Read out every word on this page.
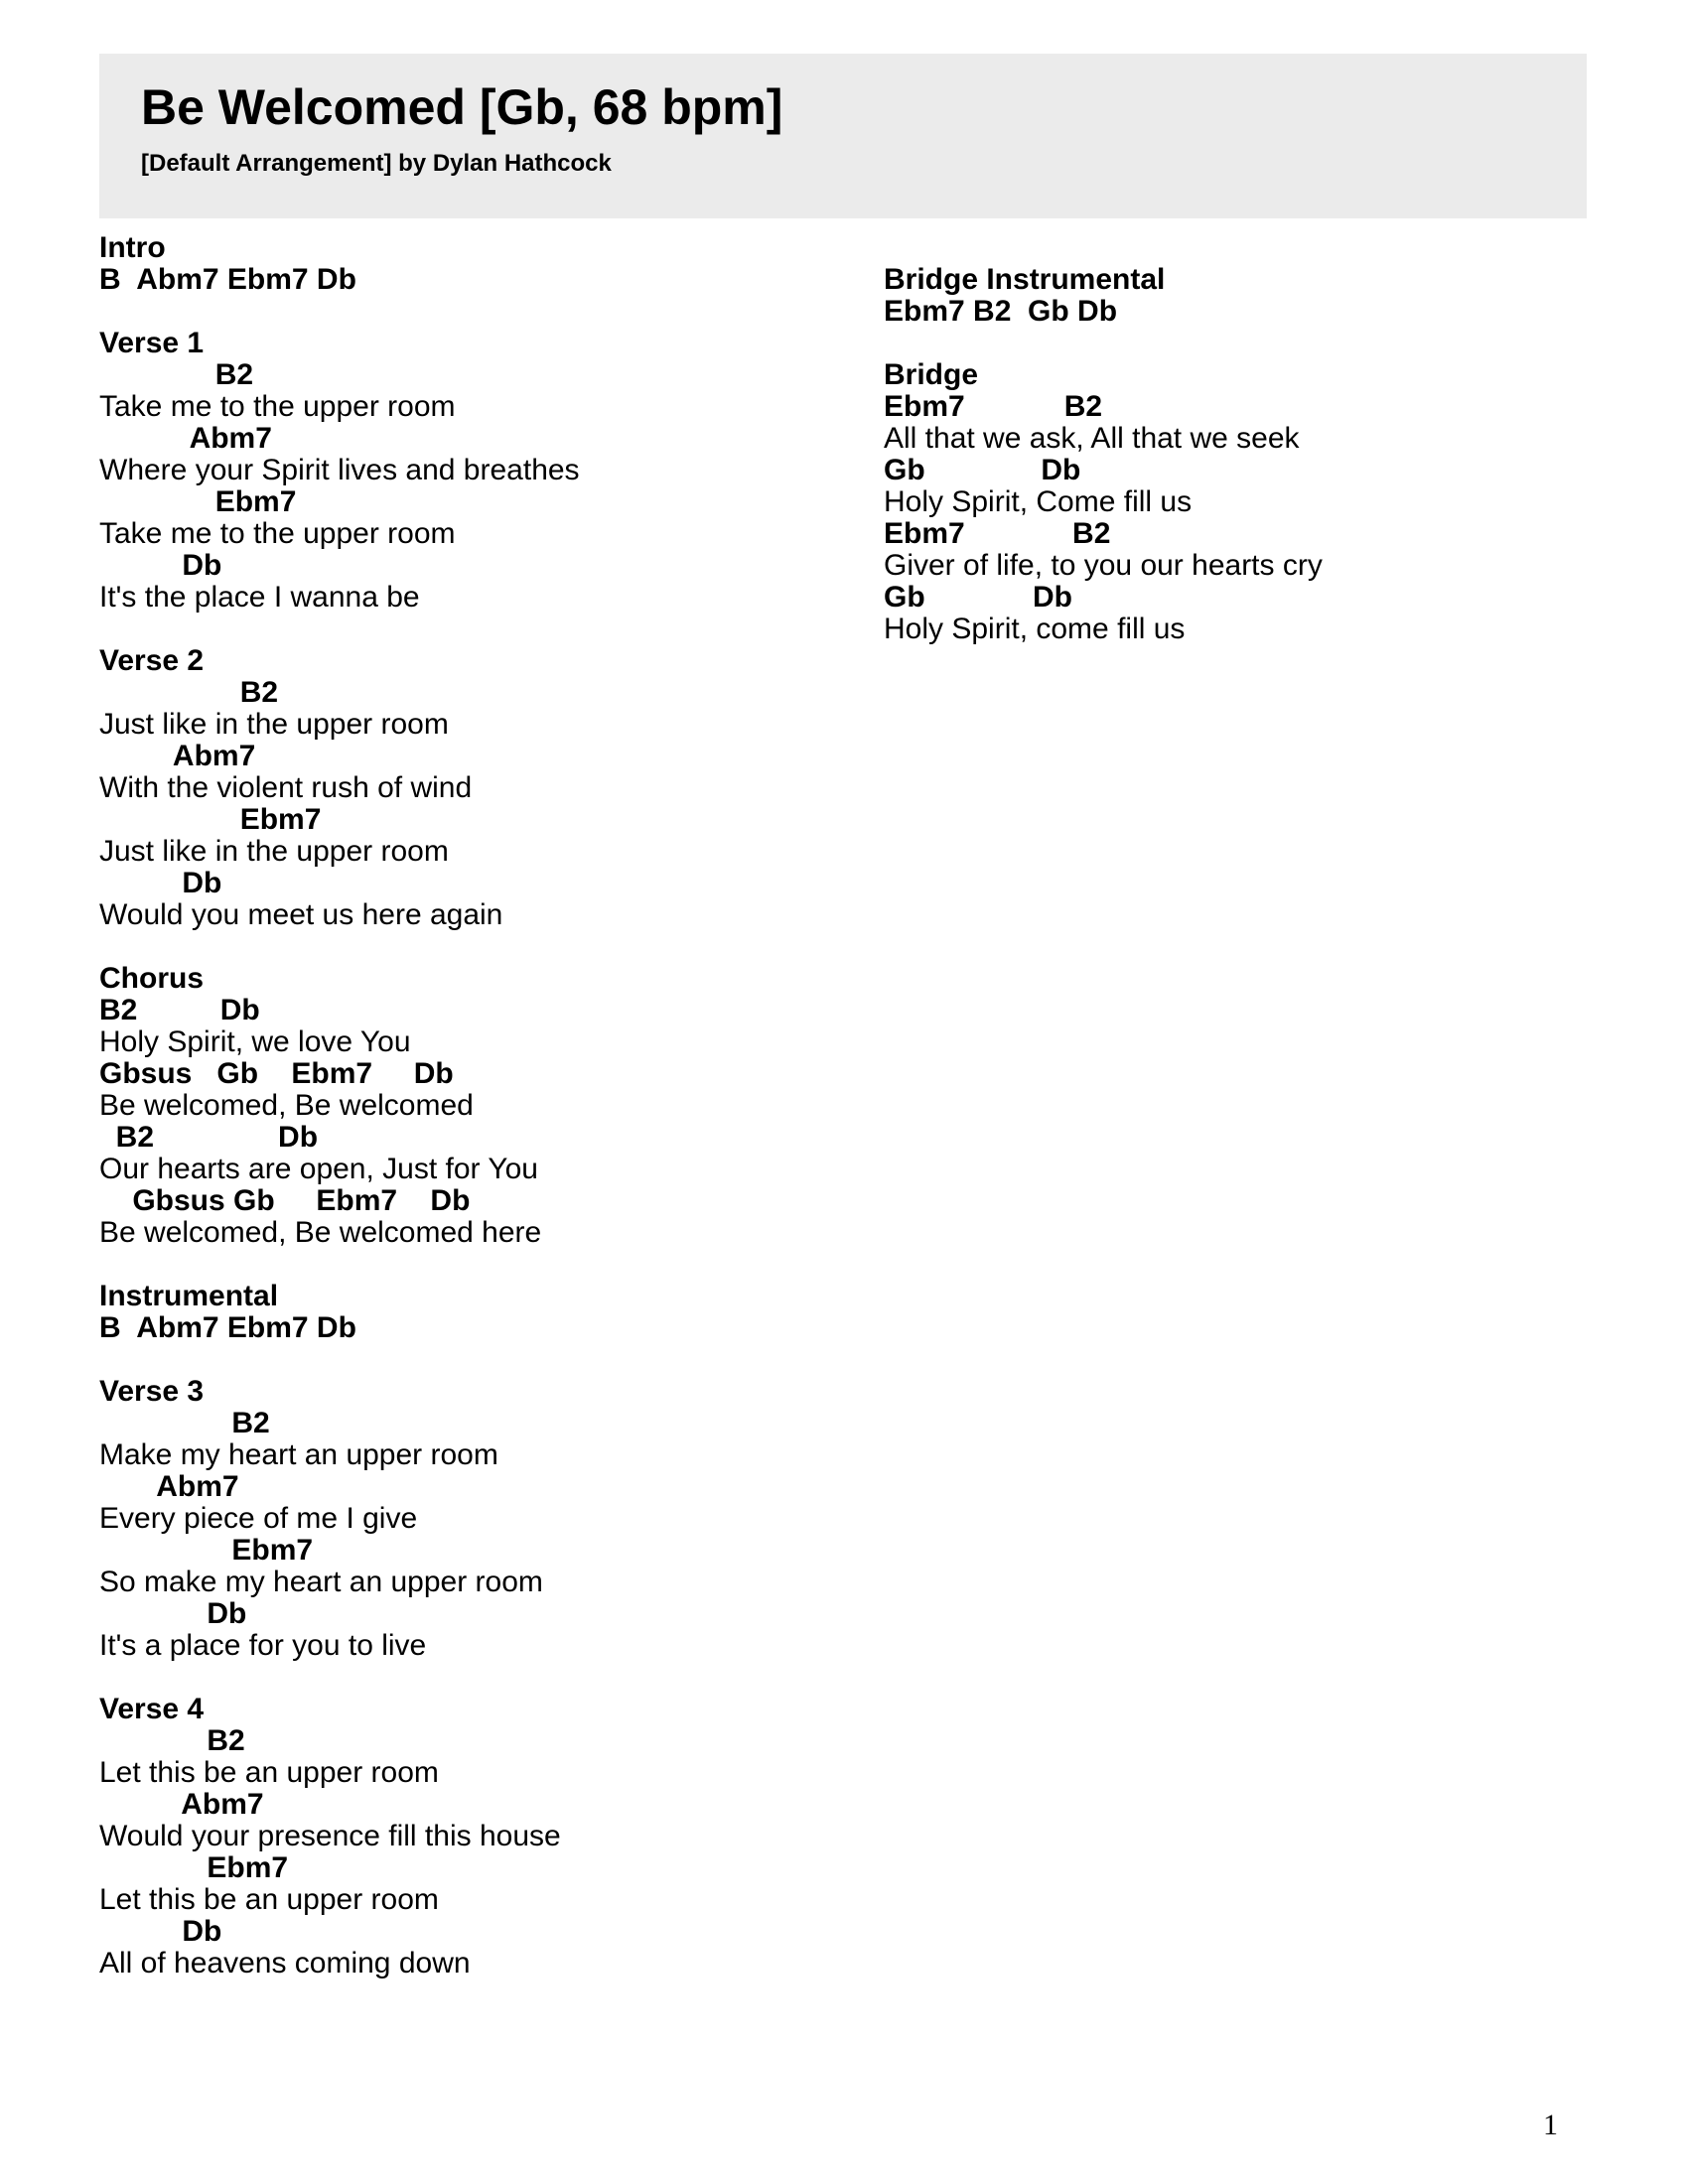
Be Welcomed [Gb, 68 bpm]
[Default Arrangement] by Dylan Hathcock
Intro
B  Abm7 Ebm7 Db
Verse 1
B2
Take me to the upper room
Abm7
Where your Spirit lives and breathes
Ebm7
Take me to the upper room
Db
It's the place I wanna be
Verse 2
B2
Just like in the upper room
Abm7
With the violent rush of wind
Ebm7
Just like in the upper room
Db
Would you meet us here again
Chorus
B2          Db
Holy Spirit, we love You
Gbsus   Gb    Ebm7     Db
Be welcomed, Be welcomed
B2               Db
Our hearts are open, Just for You
Gbsus Gb     Ebm7    Db
Be welcomed, Be welcomed here
Instrumental
B  Abm7 Ebm7 Db
Verse 3
B2
Make my heart an upper room
Abm7
Every piece of me I give
Ebm7
So make my heart an upper room
Db
It's a place for you to live
Verse 4
B2
Let this be an upper room
Abm7
Would your presence fill this house
Ebm7
Let this be an upper room
Db
All of heavens coming down
Bridge Instrumental
Ebm7 B2  Gb Db
Bridge
Ebm7            B2
All that we ask, All that we seek
Gb              Db
Holy Spirit, Come fill us
Ebm7             B2
Giver of life, to you our hearts cry
Gb             Db
Holy Spirit, come fill us
1
